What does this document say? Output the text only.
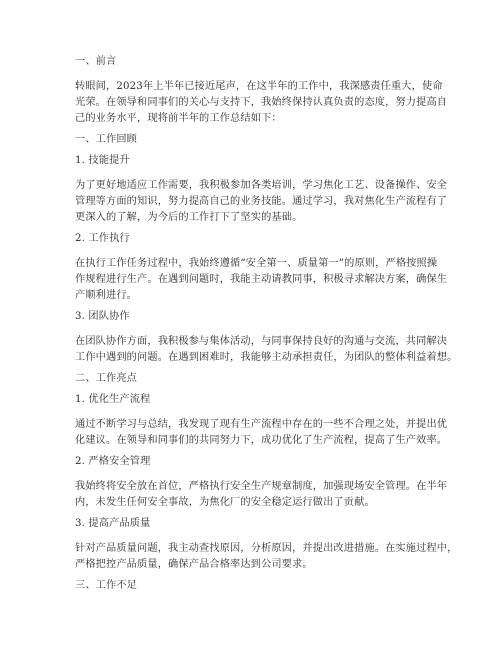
一、前言
转眼间，2023年上半年已接近尾声，在这半年的工作中，我深感责任重大，使命
光荣。在领导和同事们的关心与支持下，我始终保持认真负责的态度，努力提高自
己的业务水平，现将前半年的工作总结如下：
一、工作回顾
1. 技能提升
为了更好地适应工作需要，我积极参加各类培训，学习焦化工艺、设备操作、安全
管理等方面的知识，努力提高自己的业务技能。通过学习，我对焦化生产流程有了
更深入的了解，为今后的工作打下了坚实的基础。
2. 工作执行
在执行工作任务过程中，我始终遵循“安全第一、质量第一”的原则，严格按照操
作规程进行生产。在遇到问题时，我能主动请教同事，积极寻求解决方案，确保生
产顺利进行。
3. 团队协作
在团队协作方面，我积极参与集体活动，与同事保持良好的沟通与交流，共同解决
工作中遇到的问题。在遇到困难时，我能够主动承担责任，为团队的整体利益着想。
二、工作亮点
1. 优化生产流程
通过不断学习与总结，我发现了现有生产流程中存在的一些不合理之处，并提出优
化建议。在领导和同事们的共同努力下，成功优化了生产流程，提高了生产效率。
2. 严格安全管理
我始终将安全放在首位，严格执行安全生产规章制度，加强现场安全管理。在半年
内，未发生任何安全事故，为焦化厂的安全稳定运行做出了贡献。
3. 提高产品质量
针对产品质量问题，我主动查找原因，分析原因，并提出改进措施。在实施过程中，
严格把控产品质量，确保产品合格率达到公司要求。
三、工作不足
